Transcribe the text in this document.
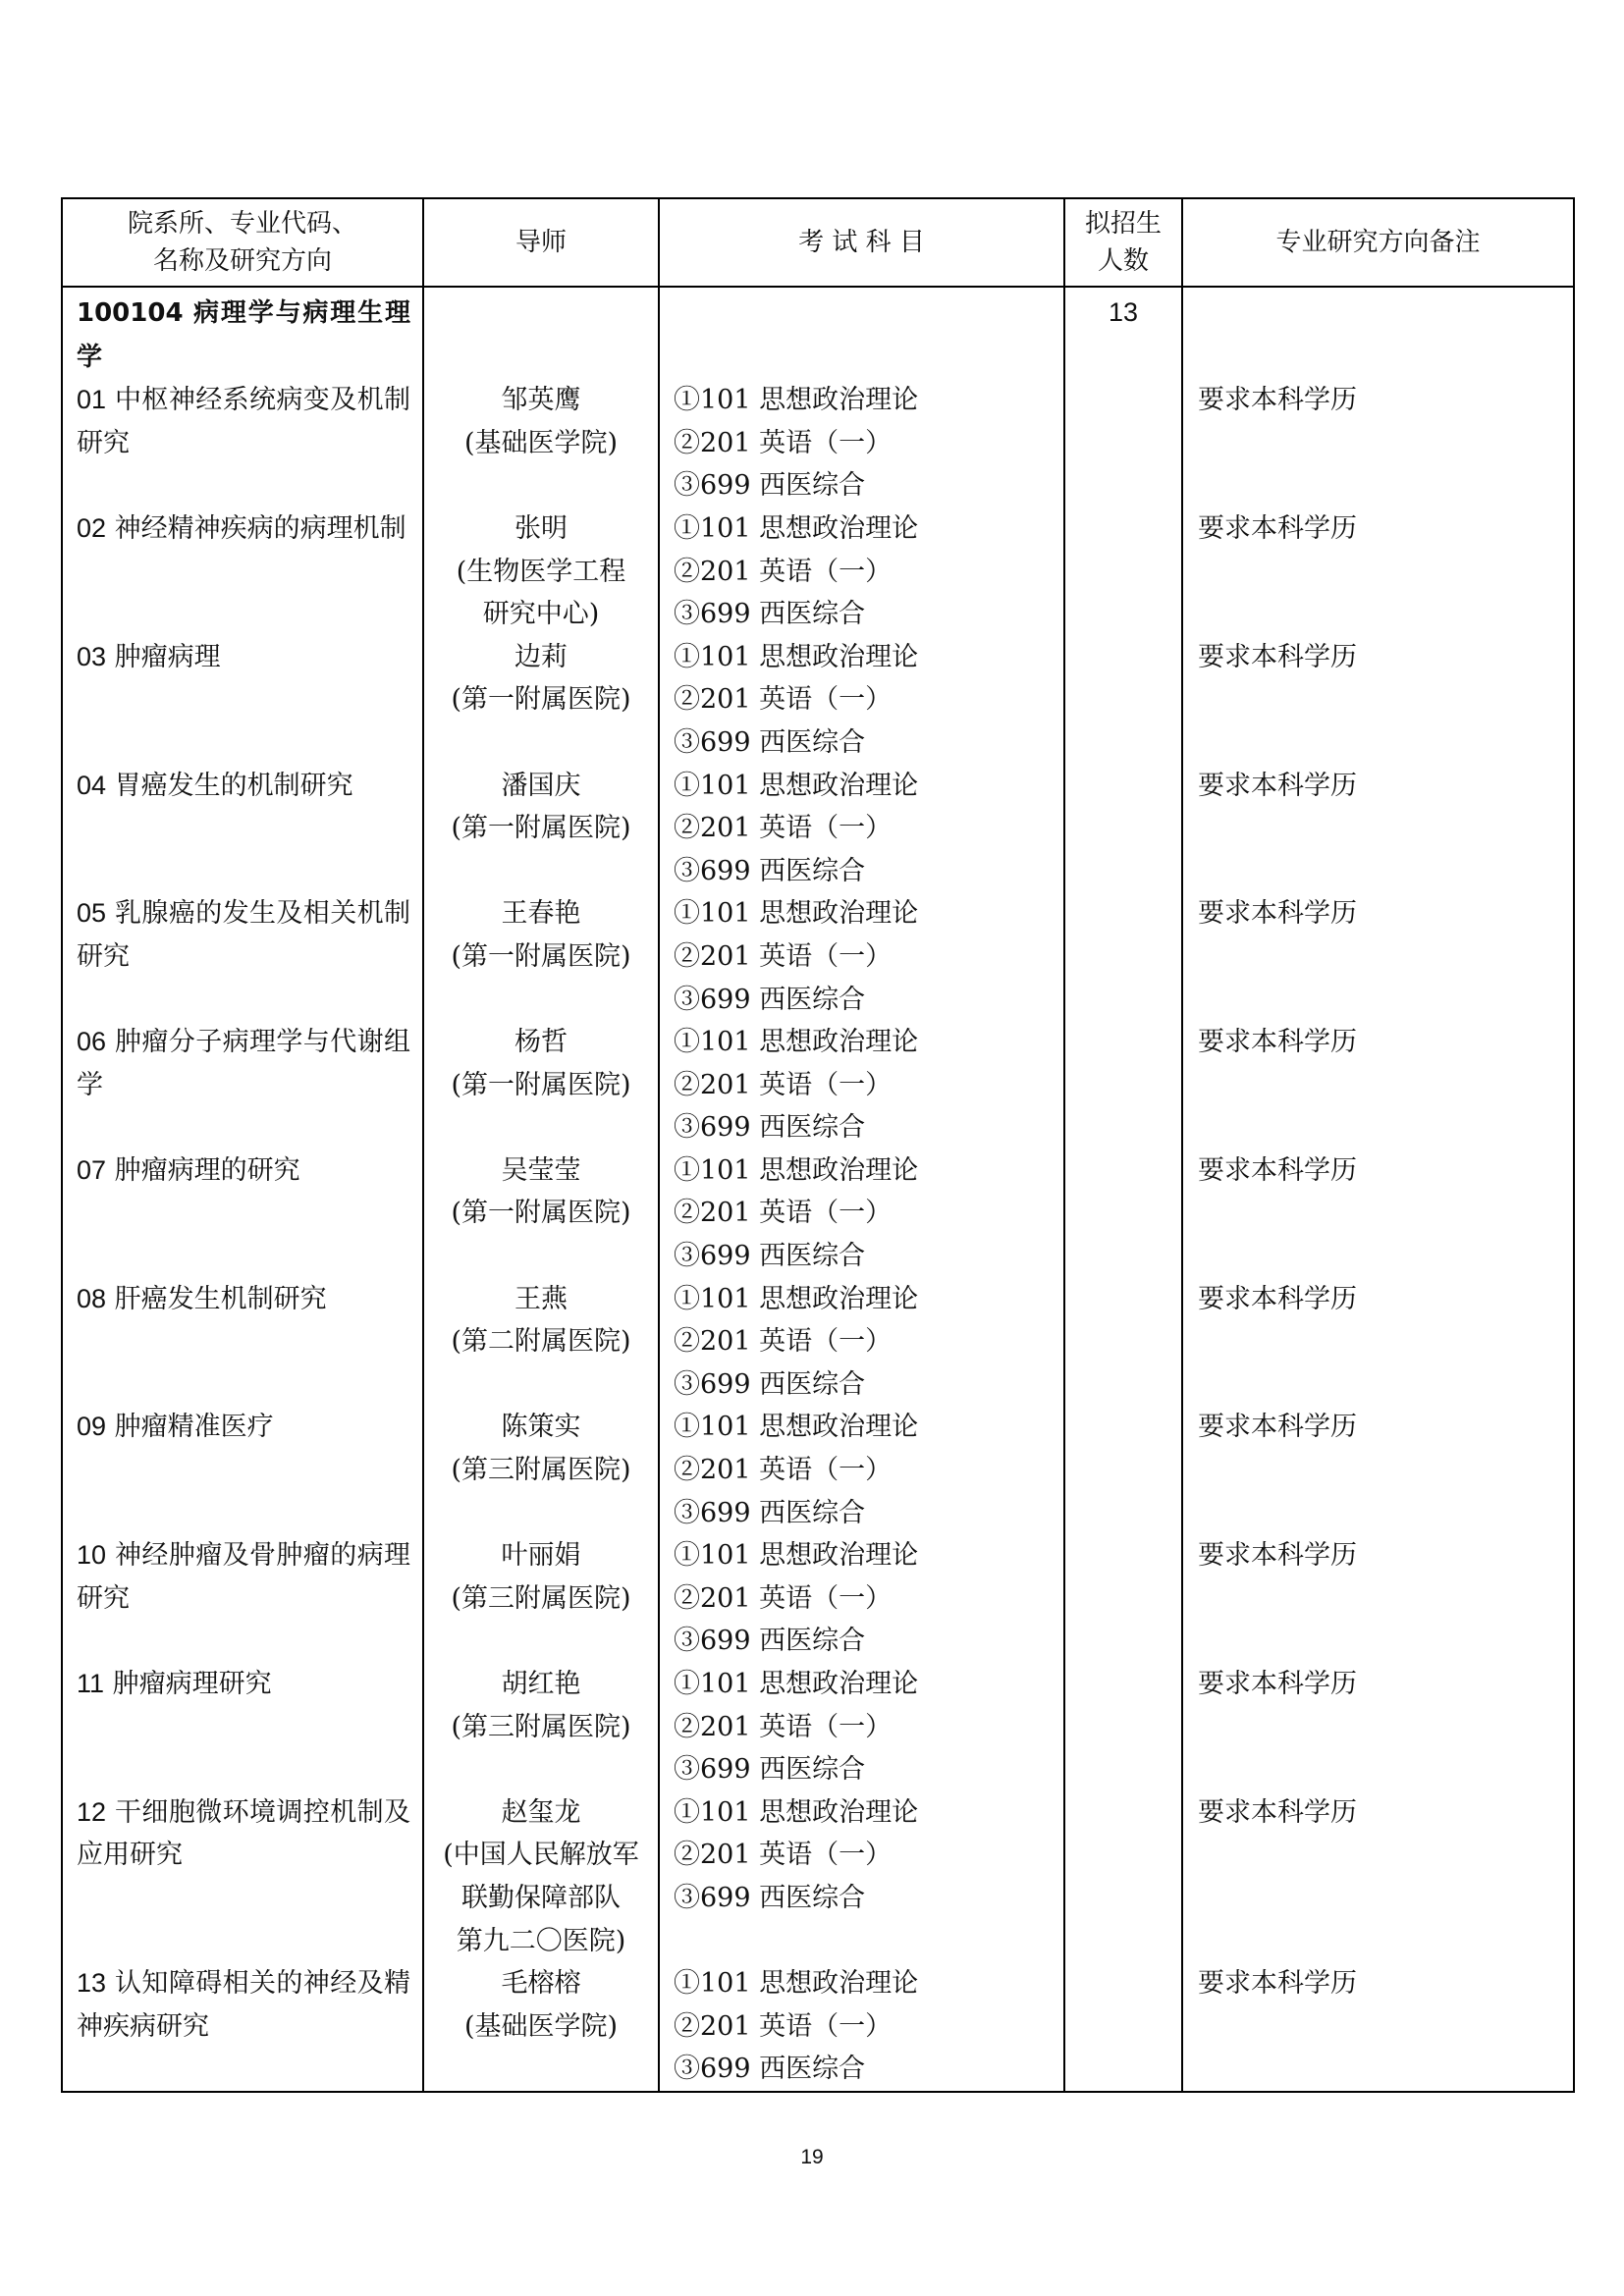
院系所、专业代码、
名称及研究方向	导师	考 试 科 目	拟招生
人数	专业研究方向备注
100104 病理学与病理生理学			13	
01 中枢神经系统病变及机制研究	邹英鹰
(基础医学院)	①101 思想政治理论
②201 英语（一）
③699 西医综合		要求本科学历
02 神经精神疾病的病理机制	张明
(生物医学工程
研究中心)	①101 思想政治理论
②201 英语（一）
③699 西医综合		要求本科学历
03 肿瘤病理	边莉
(第一附属医院)	①101 思想政治理论
②201 英语（一）
③699 西医综合		要求本科学历
04 胃癌发生的机制研究	潘国庆
(第一附属医院)	①101 思想政治理论
②201 英语（一）
③699 西医综合		要求本科学历
05 乳腺癌的发生及相关机制研究	王春艳
(第一附属医院)	①101 思想政治理论
②201 英语（一）
③699 西医综合		要求本科学历
06 肿瘤分子病理学与代谢组学	杨哲
(第一附属医院)	①101 思想政治理论
②201 英语（一）
③699 西医综合		要求本科学历
07 肿瘤病理的研究	吴莹莹
(第一附属医院)	①101 思想政治理论
②201 英语（一）
③699 西医综合		要求本科学历
08 肝癌发生机制研究	王燕
(第二附属医院)	①101 思想政治理论
②201 英语（一）
③699 西医综合		要求本科学历
09 肿瘤精准医疗	陈策实
(第三附属医院)	①101 思想政治理论
②201 英语（一）
③699 西医综合		要求本科学历
10 神经肿瘤及骨肿瘤的病理研究	叶丽娟
(第三附属医院)	①101 思想政治理论
②201 英语（一）
③699 西医综合		要求本科学历
11 肿瘤病理研究	胡红艳
(第三附属医院)	①101 思想政治理论
②201 英语（一）
③699 西医综合		要求本科学历
12 干细胞微环境调控机制及应用研究	赵玺龙
(中国人民解放军
联勤保障部队
第九二〇医院)	①101 思想政治理论
②201 英语（一）
③699 西医综合		要求本科学历
13 认知障碍相关的神经及精神疾病研究	毛榕榕
(基础医学院)	①101 思想政治理论
②201 英语（一）
③699 西医综合		要求本科学历
19
